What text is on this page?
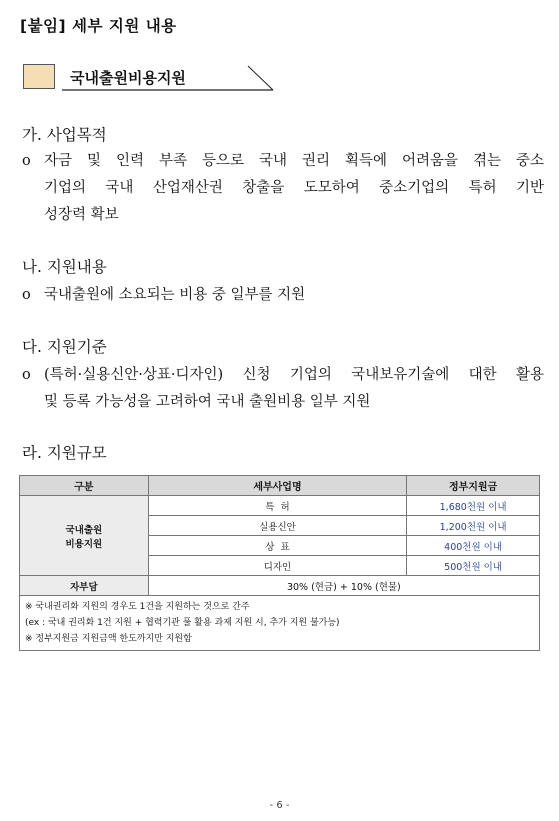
[붙임] 세부 지원 내용
국내출원비용지원
가. 사업목적
o 자금 및 인력 부족 등으로 국내 권리 획득에 어려움을 겪는 중소
기업의 국내 산업재산권 창출을 도모하여 중소기업의 특허 기반
성장력 확보
나. 지원내용
o 국내출원에 소요되는 비용 중 일부를 지원
다. 지원기준
o (특허·실용신안·상표·디자인) 신청 기업의 국내보유기술에 대한 활용
및 등록 가능성을 고려하여 국내 출원비용 일부 지원
라. 지원규모
구분	세부사업명	정부지원금
국내출원
비용지원	특  허	1,680천원 이내
	실용신안	1,200천원 이내
	상  표	400천원 이내
	디자인	500천원 이내
자부담	30% (현금) + 10% (현물)	

※ 국내권리화 지원의 경우도 1건을 지원하는 것으로 간주
(ex : 국내 권리화 1건 지원 + 협력기관 풀 활용 과제 지원 시, 추가 지원 불가능)
※ 정부지원금 지원금액 한도까지만 지원함		
- 6 -
